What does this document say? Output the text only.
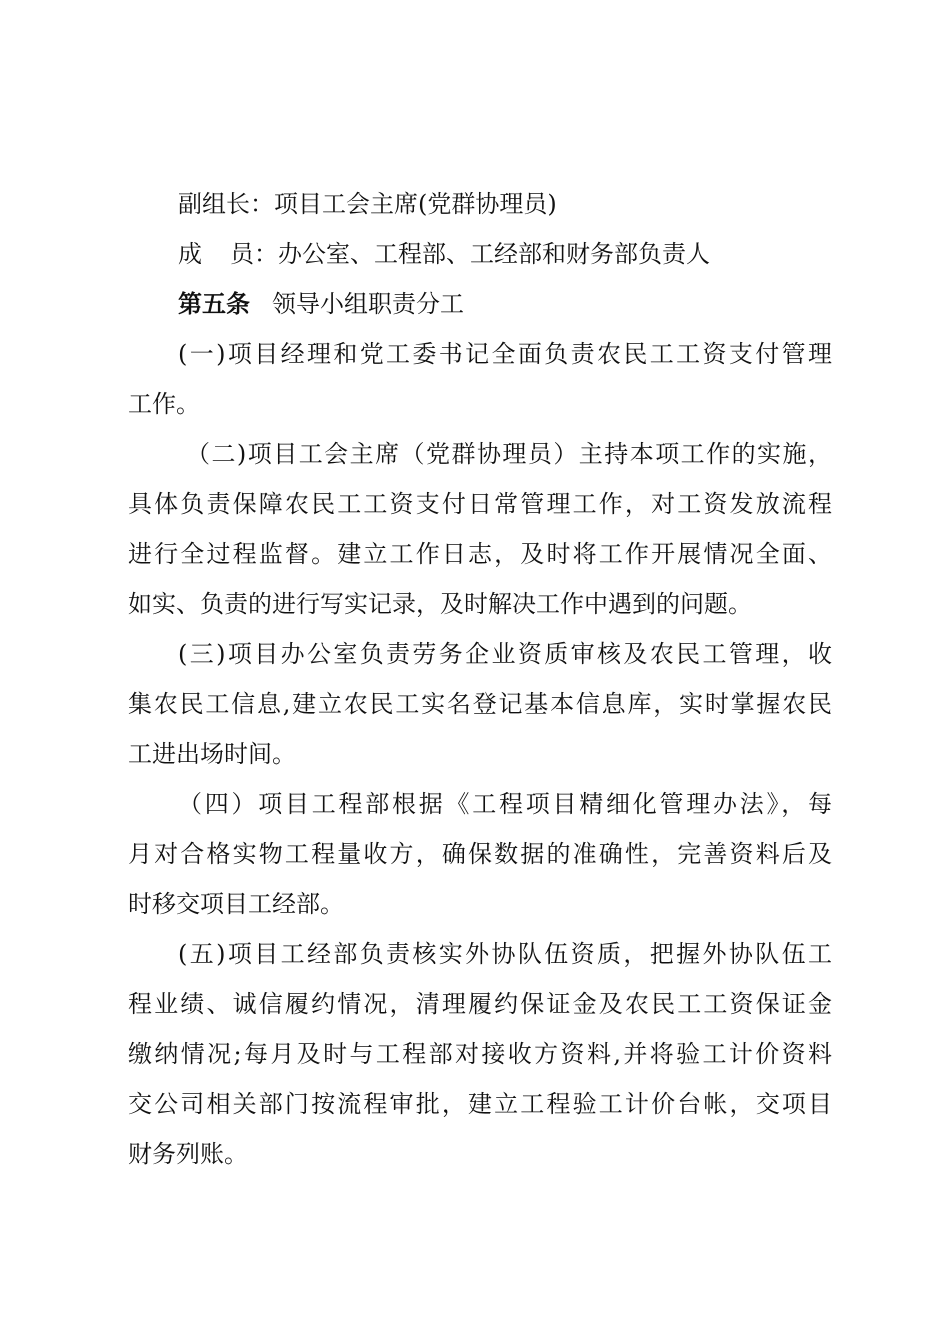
副组长：项目工会主席(党群协理员)
成 员：办公室、工程部、工经部和财务部负责人
第五条 领导小组职责分工
(一)项目经理和党工委书记全面负责农民工工资支付管理
工作。
（二)项目工会主席（党群协理员）主持本项工作的实施，
具体负责保障农民工工资支付日常管理工作，对工资发放流程
进行全过程监督。建立工作日志，及时将工作开展情况全面、
如实、负责的进行写实记录，及时解决工作中遇到的问题。
(三)项目办公室负责劳务企业资质审核及农民工管理，收
集农民工信息,建立农民工实名登记基本信息库，实时掌握农民
工进出场时间。
（四）项目工程部根据《工程项目精细化管理办法》，每
月对合格实物工程量收方，确保数据的准确性，完善资料后及
时移交项目工经部。
(五)项目工经部负责核实外协队伍资质，把握外协队伍工
程业绩、诚信履约情况，清理履约保证金及农民工工资保证金
缴纳情况;每月及时与工程部对接收方资料,并将验工计价资料
交公司相关部门按流程审批，建立工程验工计价台帐，交项目
财务列账。
